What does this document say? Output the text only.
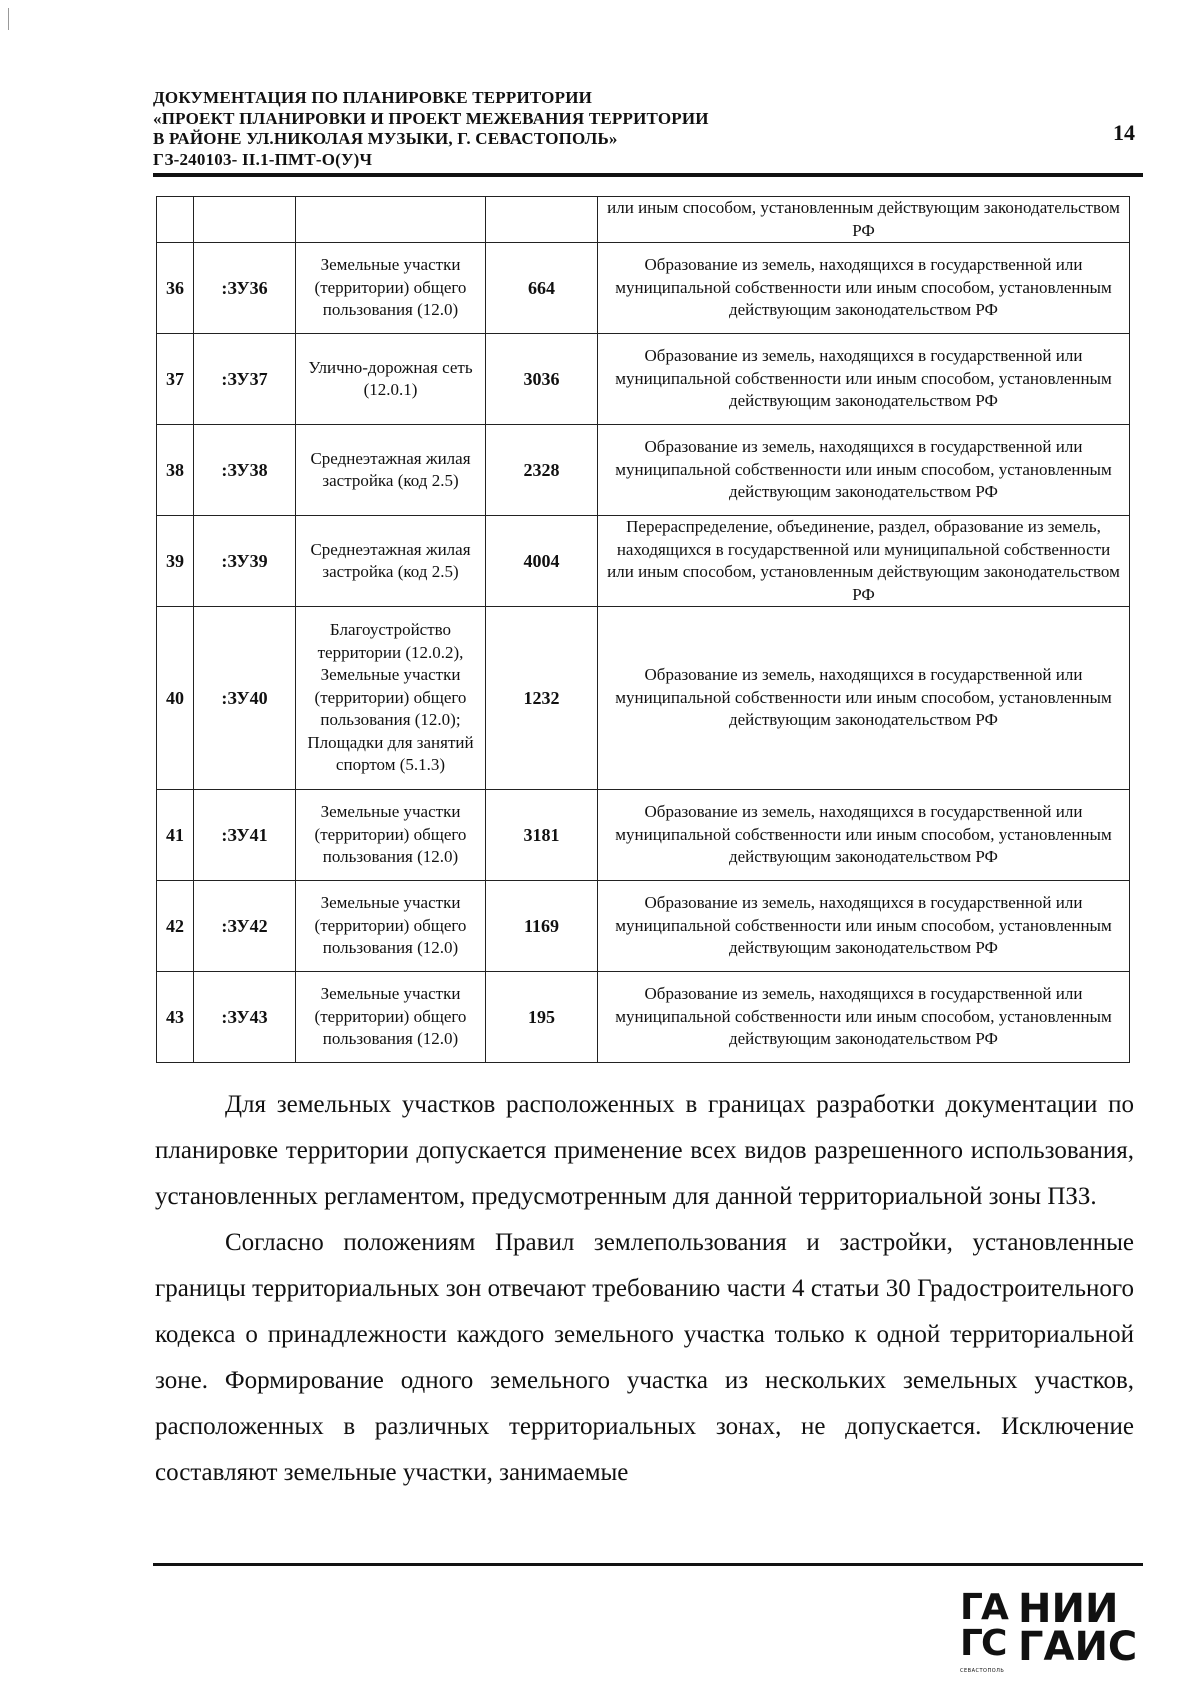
ДОКУМЕНТАЦИЯ ПО ПЛАНИРОВКЕ ТЕРРИТОРИИ
«ПРОЕКТ ПЛАНИРОВКИ И ПРОЕКТ МЕЖЕВАНИЯ ТЕРРИТОРИИ
В РАЙОНЕ УЛ.НИКОЛАЯ МУЗЫКИ, Г. СЕВАСТОПОЛЬ»
ГЗ-240103- II.1-ПМТ-О(У)Ч
14
				или иным способом, установленным действующим законодательством РФ
36	:ЗУ36	Земельные участки (территории) общего пользования (12.0)	664	Образование из земель, находящихся в государственной или муниципальной собственности или иным способом, установленным действующим законодательством РФ
37	:ЗУ37	Улично-дорожная сеть (12.0.1)	3036	Образование из земель, находящихся в государственной или муниципальной собственности или иным способом, установленным действующим законодательством РФ
38	:ЗУ38	Среднеэтажная жилая застройка (код 2.5)	2328	Образование из земель, находящихся в государственной или муниципальной собственности или иным способом, установленным действующим законодательством РФ
39	:ЗУ39	Среднеэтажная жилая застройка (код 2.5)	4004	Перераспределение, объединение, раздел, образование из земель, находящихся в государственной или муниципальной собственности или иным способом, установленным действующим законодательством РФ
40	:ЗУ40	Благоустройство территории (12.0.2), Земельные участки (территории) общего пользования (12.0); Площадки для занятий спортом (5.1.3)	1232	Образование из земель, находящихся в государственной или муниципальной собственности или иным способом, установленным действующим законодательством РФ
41	:ЗУ41	Земельные участки (территории) общего пользования (12.0)	3181	Образование из земель, находящихся в государственной или муниципальной собственности или иным способом, установленным действующим законодательством РФ
42	:ЗУ42	Земельные участки (территории) общего пользования (12.0)	1169	Образование из земель, находящихся в государственной или муниципальной собственности или иным способом, установленным действующим законодательством РФ
43	:ЗУ43	Земельные участки (территории) общего пользования (12.0)	195	Образование из земель, находящихся в государственной или муниципальной собственности или иным способом, установленным действующим законодательством РФ

Для земельных участков расположенных в границах разработки документации по планировке территории допускается применение всех видов разрешенного использования, установленных регламентом, предусмотренным для данной территориальной зоны ПЗЗ.

Согласно положениям Правил землепользования и застройки, установленные границы территориальных зон отвечают требованию части 4 статьи 30 Градостроительного кодекса о принадлежности каждого земельного участка только к одной территориальной зоне. Формирование одного земельного участка из нескольких земельных участков, расположенных в различных территориальных зонах, не допускается. Исключение составляют земельные участки, занимаемые

ГА
ГС
СЕВАСТОПОЛЬ
НИИ
ГАИС
